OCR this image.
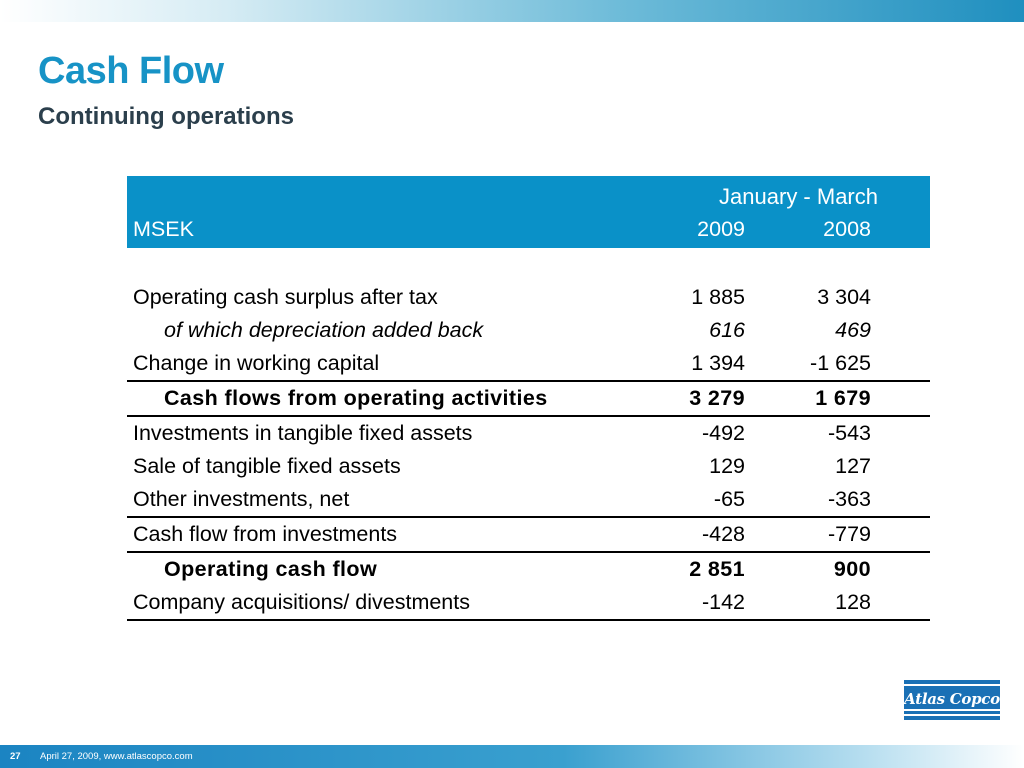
Cash Flow
Continuing operations
	January - March		
MSEK	2009	2008	

Operating cash surplus after tax	1 885	3 304	
of which depreciation added back	616	469	
Change in working capital	1 394	-1 625	
Cash flows from operating activities	3 279	1 679	
Investments in tangible fixed assets	-492	-543	
Sale of tangible fixed assets	129	127	
Other investments, net	-65	-363	
Cash flow from investments	-428	-779	
Operating cash flow	2 851	900	
Company acquisitions/ divestments	-142	128	
Atlas Copco
27 April 27, 2009, www.atlascopco.com
